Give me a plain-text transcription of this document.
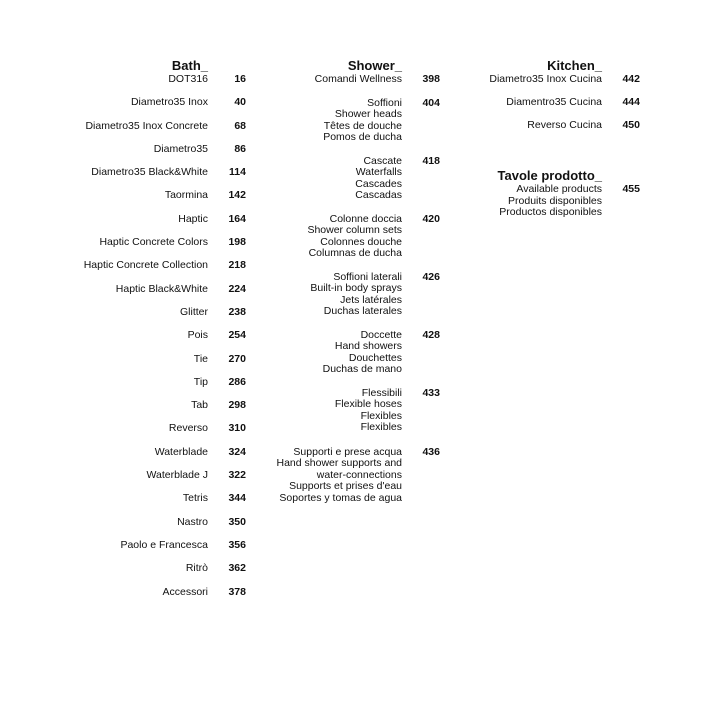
Bath_
DOT316	16
Diametro35 Inox	40
Diametro35 Inox Concrete	68
Diametro35	86
Diametro35 Black&White	114
Taormina	142
Haptic	164
Haptic Concrete Colors	198
Haptic Concrete Collection	218
Haptic Black&White	224
Glitter	238
Pois	254
Tie	270
Tip	286
Tab	298
Reverso	310
Waterblade	324
Waterblade J	322
Tetris	344
Nastro	350
Paolo e Francesca	356
Ritrò	362
Accessori	378
Shower_
Comandi Wellness	398
Soffioni
Shower heads
Têtes de douche
Pomos de ducha
404
Cascate
Waterfalls
Cascades
Cascadas
418
Colonne doccia
Shower column sets
Colonnes douche
Columnas de ducha
420
Soffioni laterali
Built-in body sprays
Jets latérales
Duchas laterales
426
Doccette
Hand showers
Douchettes
Duchas de mano
428
Flessibili
Flexible hoses
Flexibles
Flexibles
433
Supporti e prese acqua
Hand shower supports and
water-connections
Supports et prises d'eau
Soportes y tomas de agua
436
Kitchen_
Diametro35 Inox Cucina	442
Diamentro35 Cucina	444
Reverso Cucina	450
Tavole prodotto_
Available products
Produits disponibles
Productos disponibles
455
